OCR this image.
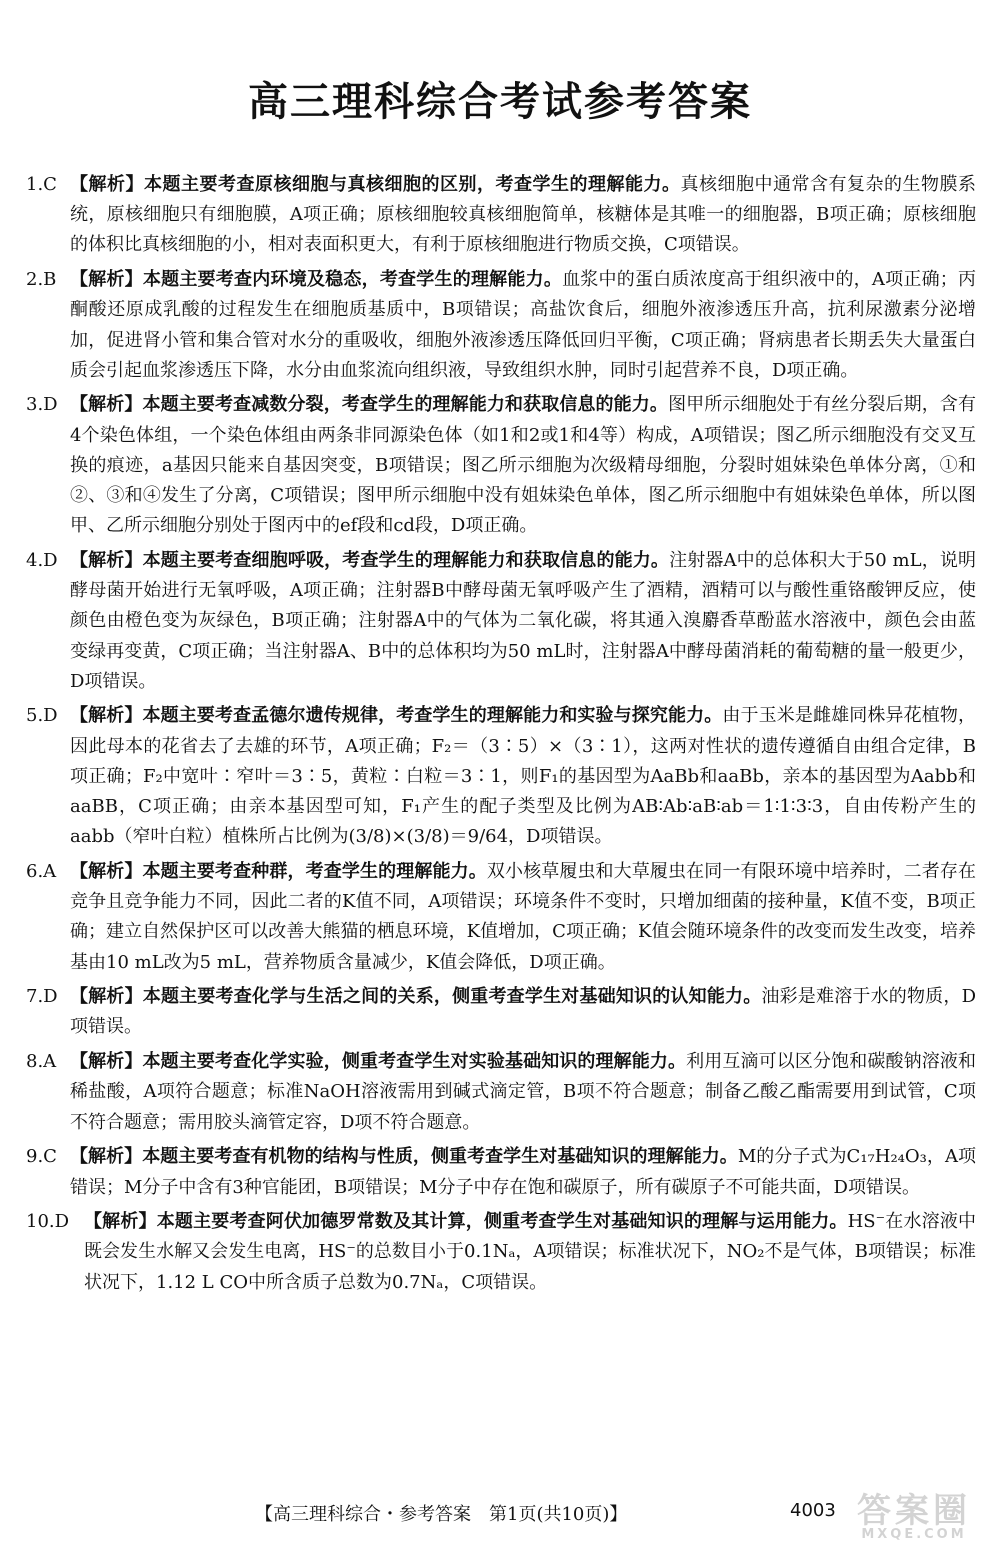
高三理科综合考试参考答案
1.C 【解析】本题主要考查原核细胞与真核细胞的区别，考查学生的理解能力。真核细胞中通常含有复杂的生物膜系统，原核细胞只有细胞膜，A项正确；原核细胞较真核细胞简单，核糖体是其唯一的细胞器，B项正确；原核细胞的体积比真核细胞的小，相对表面积更大，有利于原核细胞进行物质交换，C项错误。
2.B 【解析】本题主要考查内环境及稳态，考查学生的理解能力。血浆中的蛋白质浓度高于组织液中的，A项正确；丙酮酸还原成乳酸的过程发生在细胞质基质中，B项错误；高盐饮食后，细胞外液渗透压升高，抗利尿激素分泌增加，促进肾小管和集合管对水分的重吸收，细胞外液渗透压降低回归平衡，C项正确；肾病患者长期丢失大量蛋白质会引起血浆渗透压下降，水分由血浆流向组织液，导致组织水肿，同时引起营养不良，D项正确。
3.D 【解析】本题主要考查减数分裂，考查学生的理解能力和获取信息的能力。图甲所示细胞处于有丝分裂后期，含有4个染色体组，一个染色体组由两条非同源染色体（如1和2或1和4等）构成，A项错误；图乙所示细胞没有交叉互换的痕迹，a基因只能来自基因突变，B项错误；图乙所示细胞为次级精母细胞，分裂时姐妹染色单体分离，①和②、③和④发生了分离，C项错误；图甲所示细胞中没有姐妹染色单体，图乙所示细胞中有姐妹染色单体，所以图甲、乙所示细胞分别处于图丙中的ef段和cd段，D项正确。
4.D 【解析】本题主要考查细胞呼吸，考查学生的理解能力和获取信息的能力。注射器A中的总体积大于50 mL，说明酵母菌开始进行无氧呼吸，A项正确；注射器B中酵母菌无氧呼吸产生了酒精，酒精可以与酸性重铬酸钾反应，使颜色由橙色变为灰绿色，B项正确；注射器A中的气体为二氧化碳，将其通入溴麝香草酚蓝水溶液中，颜色会由蓝变绿再变黄，C项正确；当注射器A、B中的总体积均为50 mL时，注射器A中酵母菌消耗的葡萄糖的量一般更少，D项错误。
5.D 【解析】本题主要考查孟德尔遗传规律，考查学生的理解能力和实验与探究能力。由于玉米是雌雄同株异花植物，因此母本的花省去了去雄的环节，A项正确；F₂＝（3∶5）×（3∶1），这两对性状的遗传遵循自由组合定律，B项正确；F₂中宽叶∶窄叶＝3∶5，黄粒∶白粒＝3∶1，则F₁的基因型为AaBb和aaBb，亲本的基因型为Aabb和aaBB，C项正确；由亲本基因型可知，F₁产生的配子类型及比例为AB∶Ab∶aB∶ab＝1∶1∶3∶3，自由传粉产生的aabb（窄叶白粒）植株所占比例为(3/8)×(3/8)＝9/64，D项错误。
6.A 【解析】本题主要考查种群，考查学生的理解能力。双小核草履虫和大草履虫在同一有限环境中培养时，二者存在竞争且竞争能力不同，因此二者的K值不同，A项错误；环境条件不变时，只增加细菌的接种量，K值不变，B项正确；建立自然保护区可以改善大熊猫的栖息环境，K值增加，C项正确；K值会随环境条件的改变而发生改变，培养基由10 mL改为5 mL，营养物质含量减少，K值会降低，D项正确。
7.D 【解析】本题主要考查化学与生活之间的关系，侧重考查学生对基础知识的认知能力。油彩是难溶于水的物质，D项错误。
8.A 【解析】本题主要考查化学实验，侧重考查学生对实验基础知识的理解能力。利用互滴可以区分饱和碳酸钠溶液和稀盐酸，A项符合题意；标准NaOH溶液需用到碱式滴定管，B项不符合题意；制备乙酸乙酯需要用到试管，C项不符合题意；需用胶头滴管定容，D项不符合题意。
9.C 【解析】本题主要考查有机物的结构与性质，侧重考查学生对基础知识的理解能力。M的分子式为C₁₇H₂₄O₃，A项错误；M分子中含有3种官能团，B项错误；M分子中存在饱和碳原子，所有碳原子不可能共面，D项错误。
10.D 【解析】本题主要考查阿伏加德罗常数及其计算，侧重考查学生对基础知识的理解与运用能力。HS⁻在水溶液中既会发生水解又会发生电离，HS⁻的总数目小于0.1Nₐ，A项错误；标准状况下，NO₂不是气体，B项错误；标准状况下，1.12 L CO中所含质子总数为0.7Nₐ，C项错误。
【高三理科综合・参考答案　第1页(共10页)】	4003 答案圈
MXQE.COM
